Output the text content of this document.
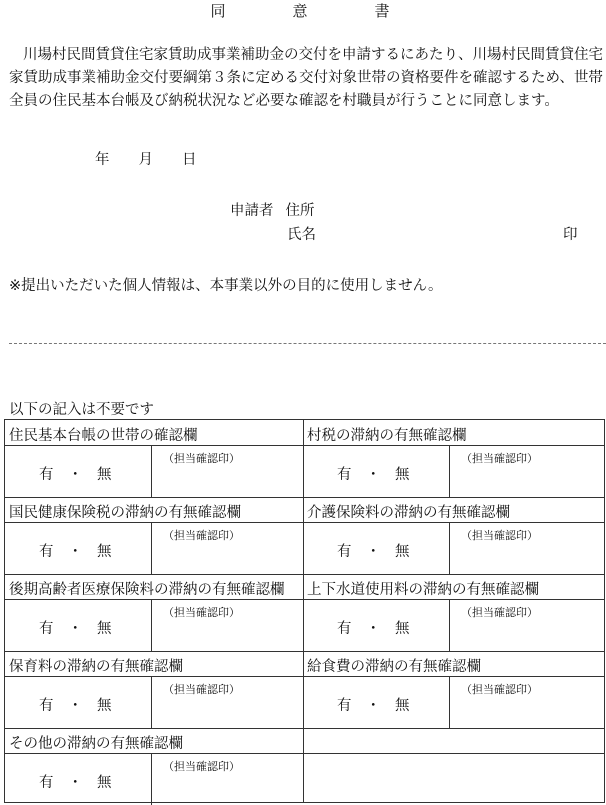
同　意　書
川場村民間賃貸住宅家賃助成事業補助金の交付を申請するにあたり、川場村民間賃貸住宅家賃助成事業補助金交付要綱第３条に定める交付対象世帯の資格要件を確認するため、世帯全員の住民基本台帳及び納税状況など必要な確認を村職員が行うことに同意します。
年　　月　　日
申請者 住所
氏名	印
※提出いただいた個人情報は、本事業以外の目的に使用しません。
以下の記入は不要です
住民基本台帳の世帯の確認欄
有　・　無
（担当確認印）
村税の滞納の有無確認欄
有　・　無
（担当確認印）
国民健康保険税の滞納の有無確認欄
有　・　無
（担当確認印）
介護保険料の滞納の有無確認欄
有　・　無
（担当確認印）
後期高齢者医療保険料の滞納の有無確認欄
有　・　無
（担当確認印）
上下水道使用料の滞納の有無確認欄
有　・　無
（担当確認印）
保育料の滞納の有無確認欄
有　・　無
（担当確認印）
給食費の滞納の有無確認欄
有　・　無
（担当確認印）
その他の滞納の有無確認欄
有　・　無
（担当確認印）
